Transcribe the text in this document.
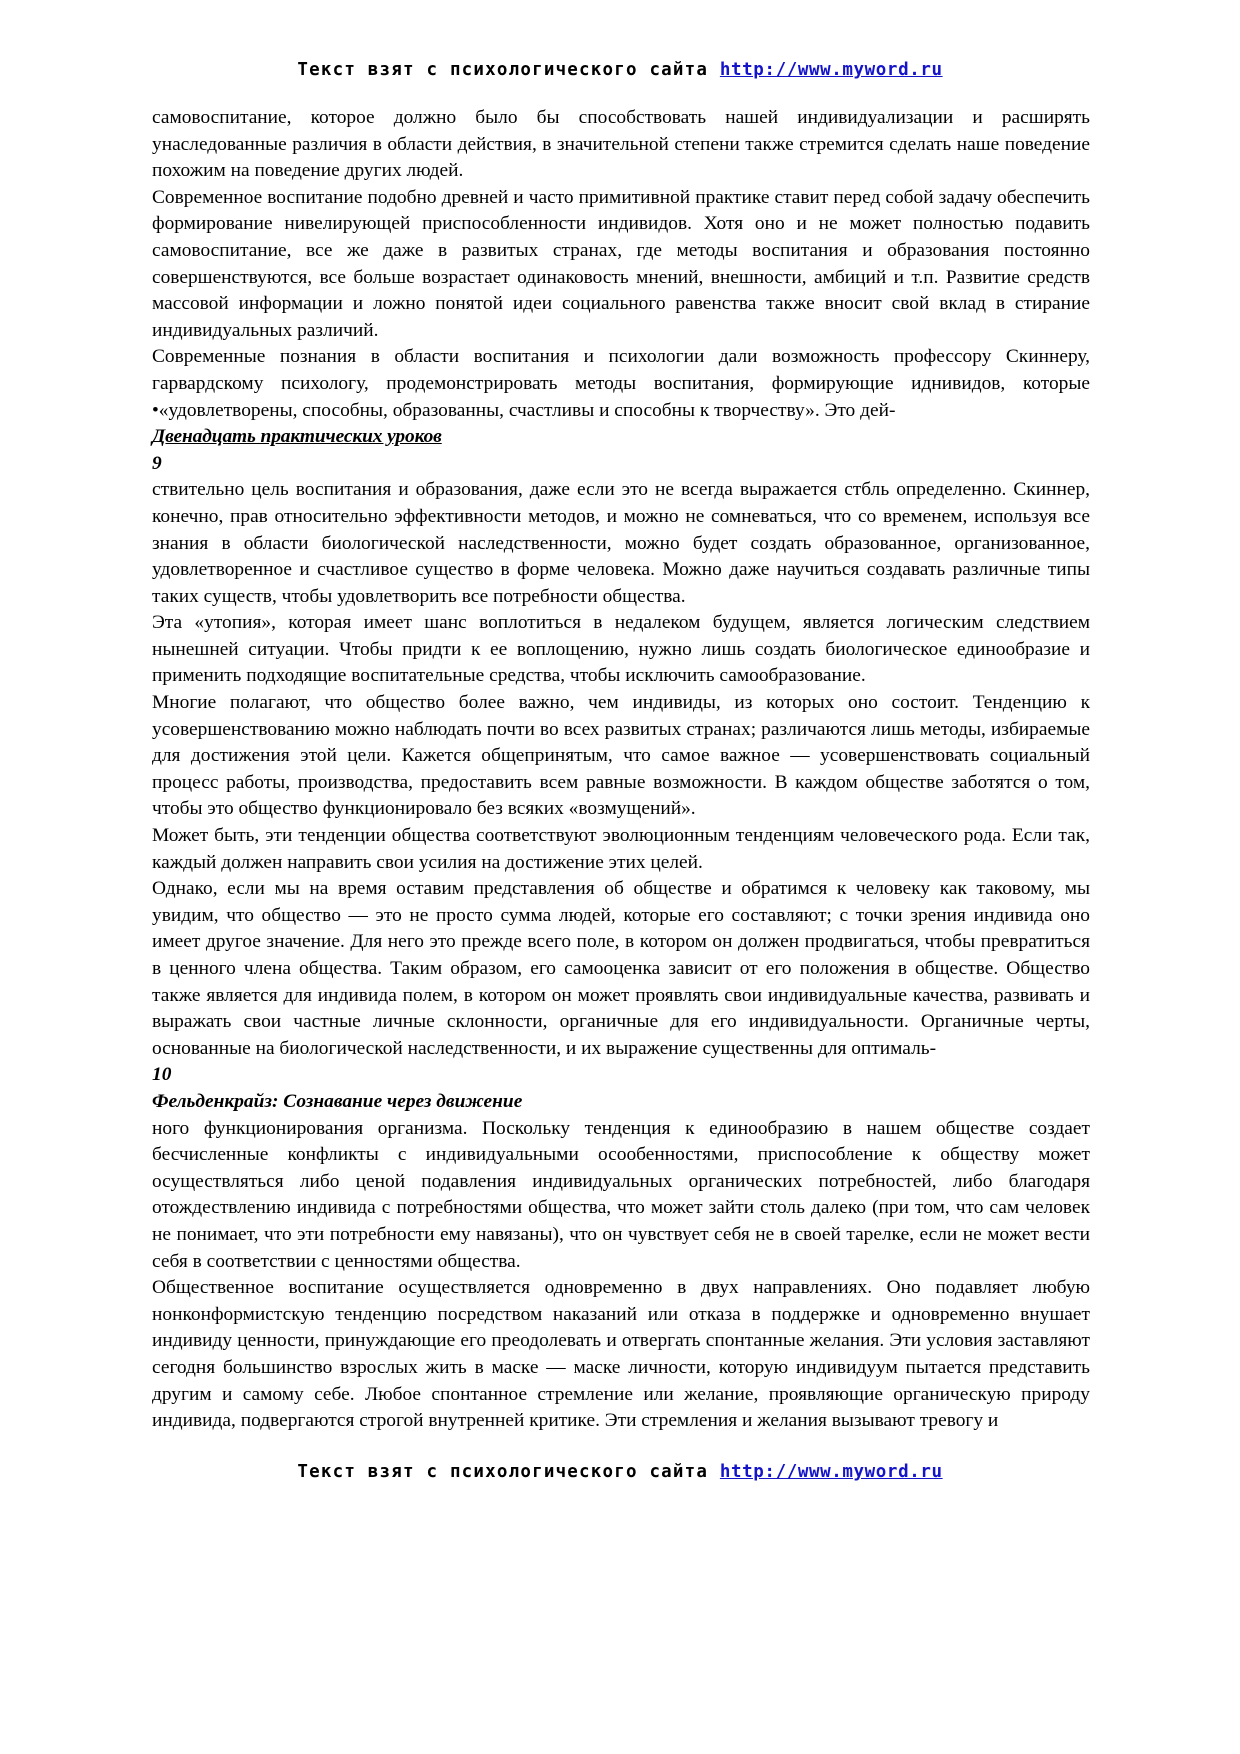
Текст взят с психологического сайта http://www.myword.ru

самовоспитание, которое должно было бы способствовать нашей индивидуализации и расширять унаследованные различия в области действия, в значительной степени также стремится сделать наше поведение похожим на поведение других людей.

Современное воспитание подобно древней и часто примитивной практике ставит перед собой задачу обеспечить формирование нивелирующей приспособленности индивидов. Хотя оно и не может полностью подавить самовоспитание, все же даже в развитых странах, где методы воспитания и образования постоянно совершенствуются, все больше возрастает одинаковость мнений, внешности, амбиций и т.п. Развитие средств массовой информации и ложно понятой идеи социального равенства также вносит свой вклад в стирание индивидуальных различий.

Современные познания в области воспитания и психологии дали возможность профессору Скиннеру, гарвардскому психологу, продемонстрировать методы воспитания, формирующие иднивидов, которые •«удовлетворены, способны, образованны, счастливы и способны к творчеству». Это дей-

Двенадцать практических уроков

9

ствительно цель воспитания и образования, даже если это не всегда выражается стбль определенно. Скиннер, конечно, прав относительно эффективности методов, и можно не сомневаться, что со временем, используя все знания в области биологической наследственности, можно будет создать образованное, организованное, удовлетворенное и счастливое существо в форме человека. Можно даже научиться создавать различные типы таких существ, чтобы удовлетворить все потребности общества.

Эта «утопия», которая имеет шанс воплотиться в недалеком будущем, является логическим следствием нынешней ситуации. Чтобы придти к ее воплощению, нужно лишь создать биологическое единообразие и применить подходящие воспитательные средства, чтобы исключить самообразование.

Многие полагают, что общество более важно, чем индивиды, из которых оно состоит. Тенденцию к усовершенствованию можно наблюдать почти во всех развитых странах; различаются лишь методы, избираемые для достижения этой цели. Кажется общепринятым, что самое важное — усовершенствовать социальный процесс работы, производства, предоставить всем равные возможности. В каждом обществе заботятся о том, чтобы это общество функционировало без всяких «возмущений».

Может быть, эти тенденции общества соответствуют эволюционным тенденциям человеческого рода. Если так, каждый должен направить свои усилия на достижение этих целей.

Однако, если мы на время оставим представления об обществе и обратимся к человеку как таковому, мы увидим, что общество — это не просто сумма людей, которые его составляют; с точки зрения индивида оно имеет другое значение. Для него это прежде всего поле, в котором он должен продвигаться, чтобы превратиться в ценного члена общества. Таким образом, его самооценка зависит от его положения в обществе. Общество также является для индивида полем, в котором он может проявлять свои индивидуальные качества, развивать и выражать свои частные личные склонности, органичные для его индивидуальности. Органичные черты, основанные на биологической наследственности, и их выражение существенны для оптималь-

10

Фельденкрайз: Сознавание через движение

ного функционирования организма. Поскольку тенденция к единообразию в нашем обществе создает бесчисленные конфликты с индивидуальными осообенностями, приспособление к обществу может осуществляться либо ценой подавления индивидуальных органических потребностей, либо благодаря отождествлению индивида с потребностями общества, что может зайти столь далеко (при том, что сам человек не понимает, что эти потребности ему навязаны), что он чувствует себя не в своей тарелке, если не может вести себя в соответствии с ценностями общества.

Общественное воспитание осуществляется одновременно в двух направлениях. Оно подавляет любую нонконформистскую тенденцию посредством наказаний или отказа в поддержке и одновременно внушает индивиду ценности, принуждающие его преодолевать и отвергать спонтанные желания. Эти условия заставляют сегодня большинство взрослых жить в маске — маске личности, которую индивидуум пытается представить другим и самому себе. Любое спонтанное стремление или желание, проявляющие органическую природу индивида, подвергаются строгой внутренней критике. Эти стремления и желания вызывают тревогу и

Текст взят с психологического сайта http://www.myword.ru
